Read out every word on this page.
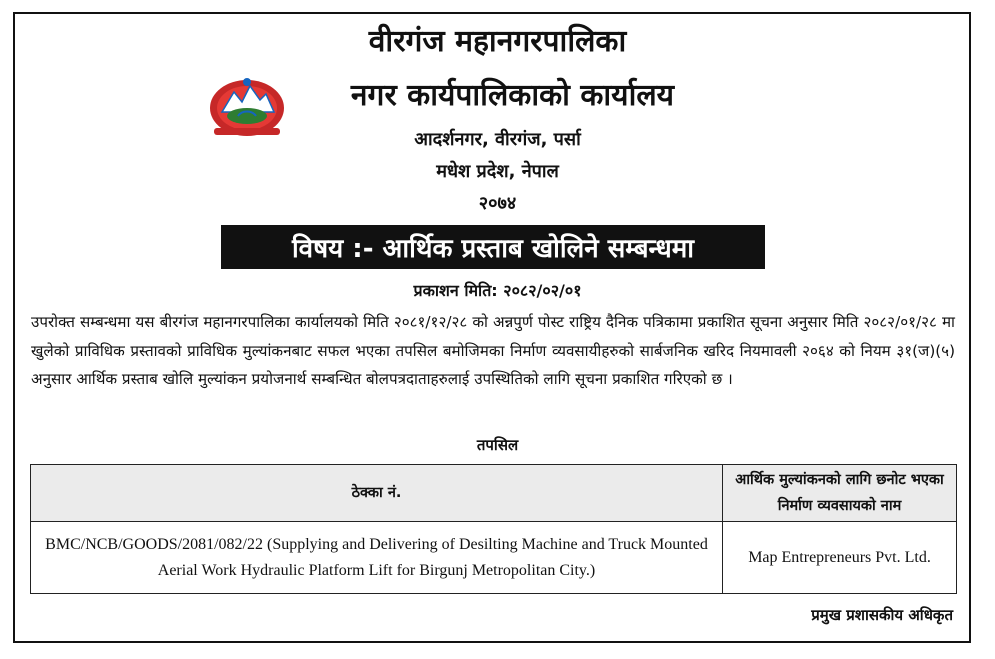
वीरगंज महानगरपालिका
नगर कार्यपालिकाको कार्यालय
आदर्शनगर, वीरगंज, पर्सा
मधेश प्रदेश, नेपाल
२०७४
विषय :- आर्थिक प्रस्ताब खोलिने सम्बन्धमा
प्रकाशन मिति: २०८२/०२/०१

उपरोक्त सम्बन्धमा यस बीरगंज महानगरपालिका कार्यालयको मिति २०८१/१२/२८ को अन्नपुर्ण पोस्ट राष्ट्रिय दैनिक पत्रिकामा प्रकाशित सूचना अनुसार मिति २०८२/०१/२८ मा खुलेको प्राविधिक प्रस्तावको प्राविधिक मुल्यांकनबाट सफल भएका तपसिल बमोजिमका निर्माण व्यवसायीहरुको सार्बजनिक खरिद नियमावली २०६४ को नियम ३१(ज)(५) अनुसार आर्थिक प्रस्ताब खोलि मुल्यांकन प्रयोजनार्थ सम्बन्धित बोलपत्रदाताहरुलाई उपस्थितिको लागि सूचना प्रकाशित गरिएको छ ।

तपसिल
ठेक्का नं.	आर्थिक मुल्यांकनको लागि छनोट भएका निर्माण व्यवसायको नाम
BMC/NCB/GOODS/2081/082/22 (Supplying and Delivering of Desilting Machine and Truck Mounted Aerial Work Hydraulic Platform Lift for Birgunj Metropolitan City.)	Map Entrepreneurs Pvt. Ltd.
प्रमुख प्रशासकीय अधिकृत
